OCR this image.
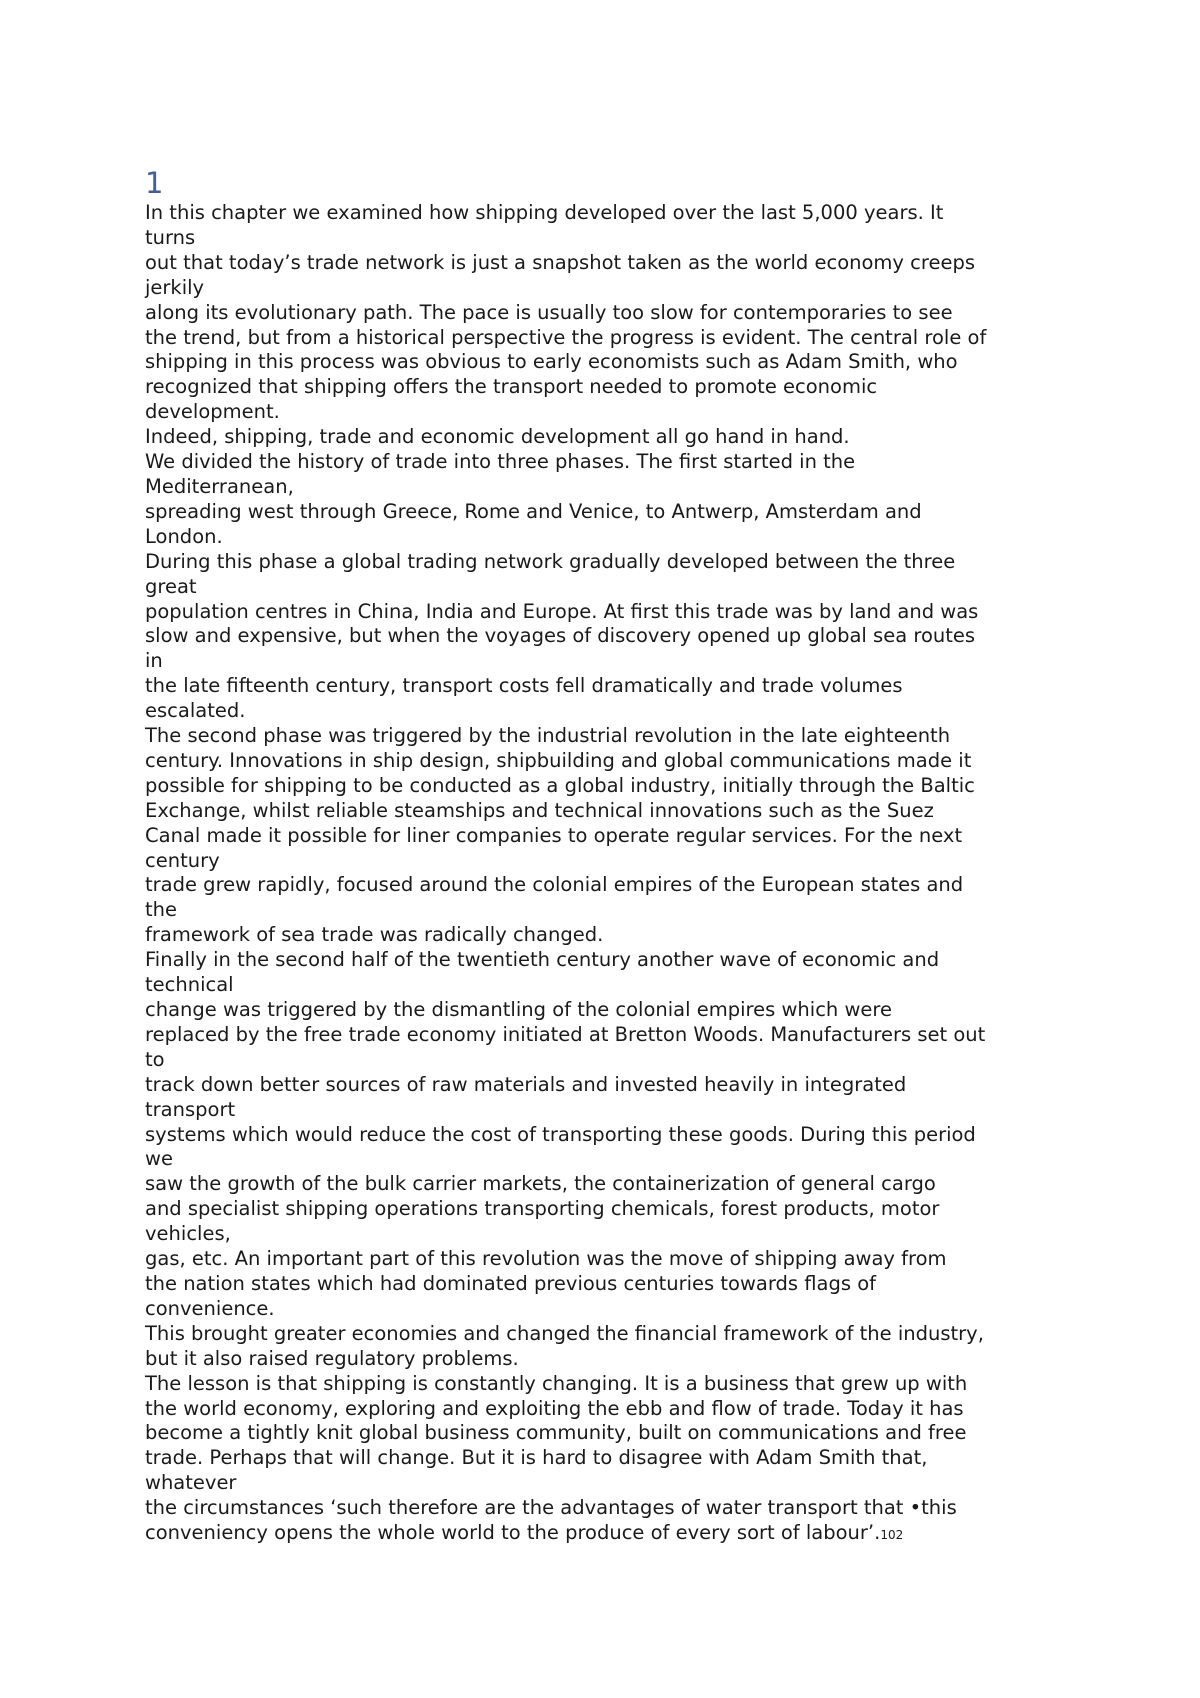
1
In this chapter we examined how shipping developed over the last 5,000 years. It
turns
out that today’s trade network is just a snapshot taken as the world economy creeps
jerkily
along its evolutionary path. The pace is usually too slow for contemporaries to see
the trend, but from a historical perspective the progress is evident. The central role of
shipping in this process was obvious to early economists such as Adam Smith, who
recognized that shipping offers the transport needed to promote economic
development.
Indeed, shipping, trade and economic development all go hand in hand.
We divided the history of trade into three phases. The first started in the
Mediterranean,
spreading west through Greece, Rome and Venice, to Antwerp, Amsterdam and
London.
During this phase a global trading network gradually developed between the three
great
population centres in China, India and Europe. At first this trade was by land and was
slow and expensive, but when the voyages of discovery opened up global sea routes
in
the late fifteenth century, transport costs fell dramatically and trade volumes
escalated.
The second phase was triggered by the industrial revolution in the late eighteenth
century. Innovations in ship design, shipbuilding and global communications made it
possible for shipping to be conducted as a global industry, initially through the Baltic
Exchange, whilst reliable steamships and technical innovations such as the Suez
Canal made it possible for liner companies to operate regular services. For the next
century
trade grew rapidly, focused around the colonial empires of the European states and
the
framework of sea trade was radically changed.
Finally in the second half of the twentieth century another wave of economic and
technical
change was triggered by the dismantling of the colonial empires which were
replaced by the free trade economy initiated at Bretton Woods. Manufacturers set out
to
track down better sources of raw materials and invested heavily in integrated
transport
systems which would reduce the cost of transporting these goods. During this period
we
saw the growth of the bulk carrier markets, the containerization of general cargo
and specialist shipping operations transporting chemicals, forest products, motor
vehicles,
gas, etc. An important part of this revolution was the move of shipping away from
the nation states which had dominated previous centuries towards flags of
convenience.
This brought greater economies and changed the financial framework of the industry,
but it also raised regulatory problems.
The lesson is that shipping is constantly changing. It is a business that grew up with
the world economy, exploring and exploiting the ebb and flow of trade. Today it has
become a tightly knit global business community, built on communications and free
trade. Perhaps that will change. But it is hard to disagree with Adam Smith that,
whatever
the circumstances ‘such therefore are the advantages of water transport that •this
conveniency opens the whole world to the produce of every sort of labour’.102
